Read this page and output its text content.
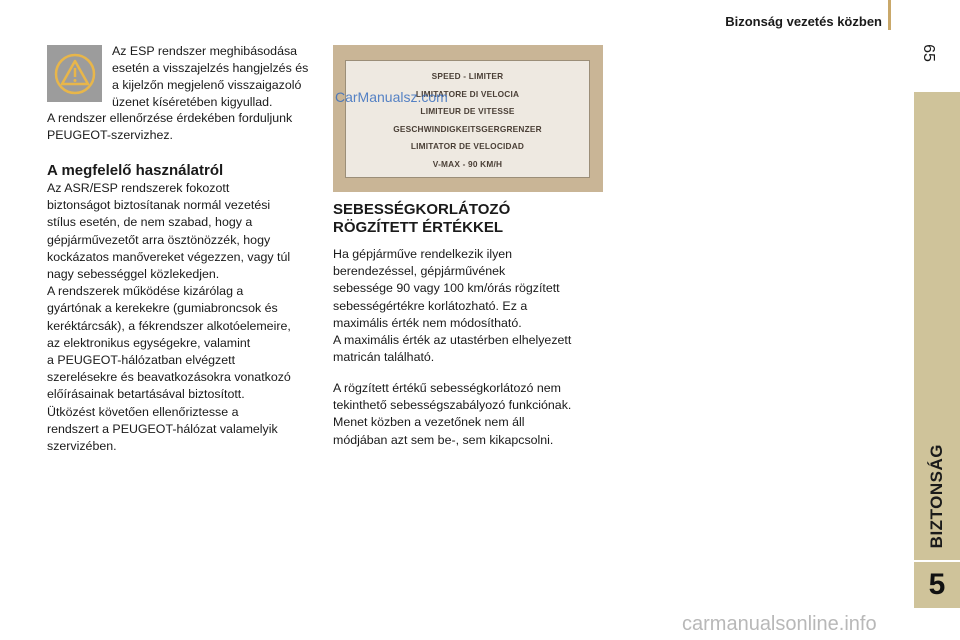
Bizonság vezetés közben
65
BIZTONSÁG
5
Az ESP rendszer meghibásodása
esetén a visszajelzés hangjelzés és
a kijelzőn megjelenő visszaigazoló
üzenet kíséretében kigyullad.
A rendszer ellenőrzése érdekében forduljunk
PEUGEOT-szervizhez.
A megfelelő használatról
Az ASR/ESP rendszerek fokozott
biztonságot biztosítanak normál vezetési
stílus esetén, de nem szabad, hogy a
gépjárművezetőt arra ösztönözzék, hogy
kockázatos manővereket végezzen, vagy túl
nagy sebességgel közlekedjen.
A rendszerek működése kizárólag a
gyártónak a kerekekre (gumiabroncsok és
keréktárcsák), a fékrendszer alkotóelemeire,
az elektronikus egységekre, valamint
a PEUGEOT-hálózatban elvégzett
szerelésekre és beavatkozásokra vonatkozó
előírásainak betartásával biztosított.
Ütközést követően ellenőriztesse a
rendszert a PEUGEOT-hálózat valamelyik
szervizében.
SPEED - LIMITER
LIMITATORE DI VELOCIA
LIMITEUR DE VITESSE
GESCHWINDIGKEITSGERGRENZER
LIMITATOR DE VELOCIDAD
V-MAX - 90 KM/H
CarManualsz.com
SEBESSÉGKORLÁTOZÓ
RÖGZÍTETT ÉRTÉKKEL
Ha gépjárműve rendelkezik ilyen
berendezéssel, gépjárművének
sebessége 90 vagy 100 km/órás rögzített
sebességértékre korlátozható. Ez a
maximális érték nem módosítható.
A maximális érték az utastérben elhelyezett
matricán található.
A rögzített értékű sebességkorlátozó nem
tekinthető sebességszabályozó funkciónak.
Menet közben a vezetőnek nem áll
módjában azt sem be-, sem kikapcsolni.
carmanualsonline.info
